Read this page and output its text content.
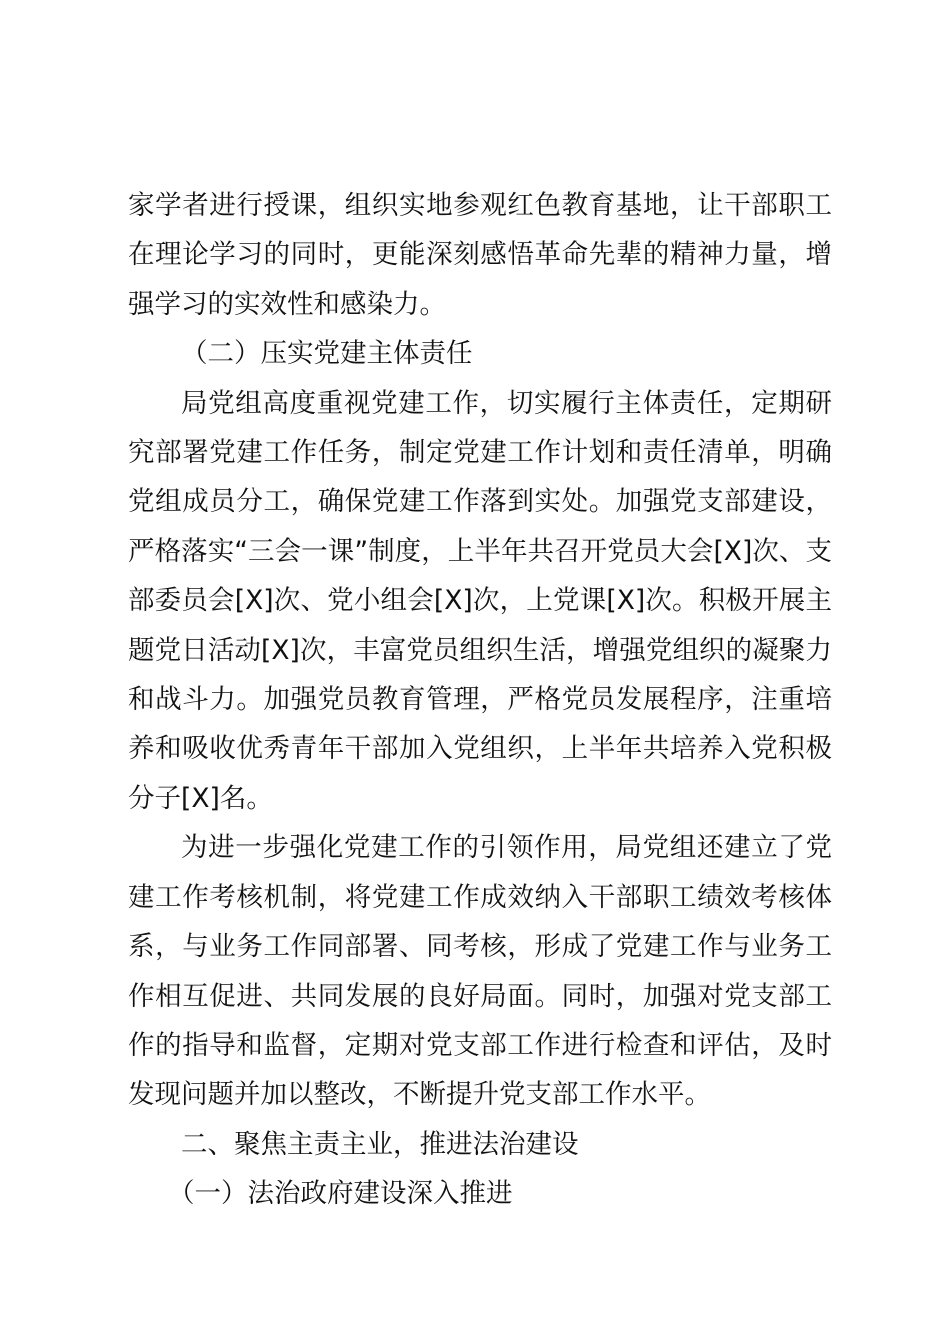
家学者进行授课，组织实地参观红色教育基地，让干部职工在理论学习的同时，更能深刻感悟革命先辈的精神力量，增强学习的实效性和感染力。

（二）压实党建主体责任

局党组高度重视党建工作，切实履行主体责任，定期研究部署党建工作任务，制定党建工作计划和责任清单，明确党组成员分工，确保党建工作落到实处。加强党支部建设，严格落实“三会一课”制度，上半年共召开党员大会[X]次、支部委员会[X]次、党小组会[X]次，上党课[X]次。积极开展主题党日活动[X]次，丰富党员组织生活，增强党组织的凝聚力和战斗力。加强党员教育管理，严格党员发展程序，注重培养和吸收优秀青年干部加入党组织，上半年共培养入党积极分子[X]名。

为进一步强化党建工作的引领作用，局党组还建立了党建工作考核机制，将党建工作成效纳入干部职工绩效考核体系，与业务工作同部署、同考核，形成了党建工作与业务工作相互促进、共同发展的良好局面。同时，加强对党支部工作的指导和监督，定期对党支部工作进行检查和评估，及时发现问题并加以整改，不断提升党支部工作水平。

二、聚焦主责主业，推进法治建设

（一）法治政府建设深入推进
